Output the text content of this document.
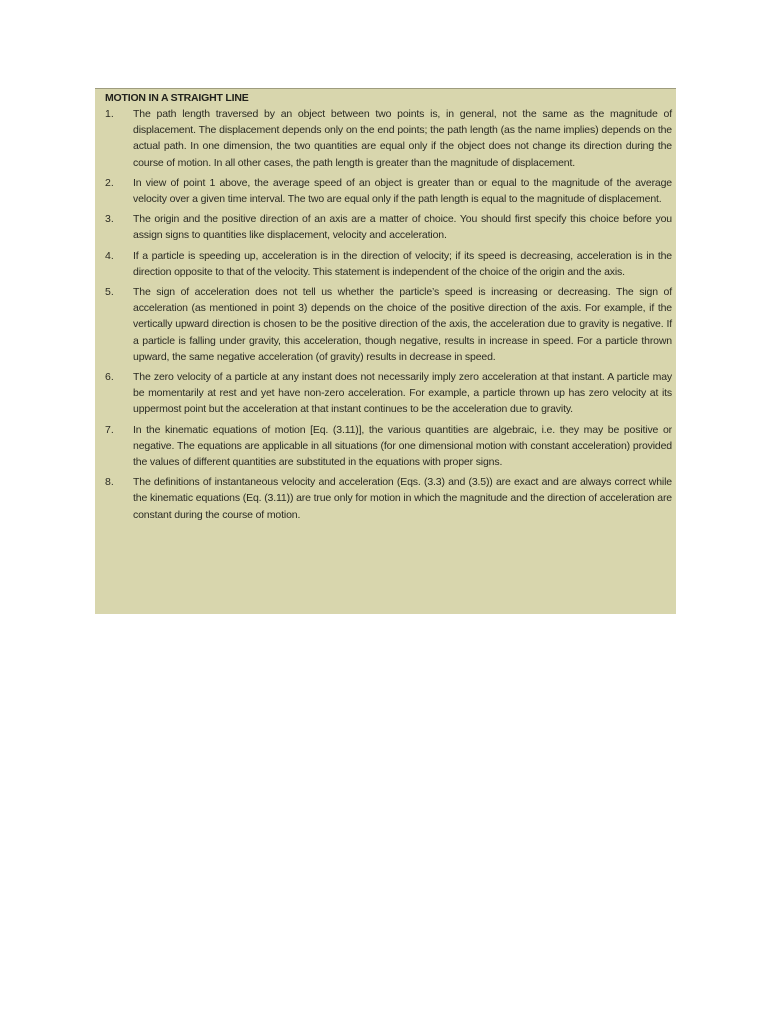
MOTION IN A STRAIGHT LINE
1.	The path length traversed by an object between two points is, in general, not the same as the magnitude of displacement. The displacement depends only on the end points; the path length (as the name implies) depends on the actual path. In one dimension, the two quantities are equal only if the object does not change its direction during the course of motion. In all other cases, the path length is greater than the magnitude of displacement.
2.	In view of point 1 above, the average speed of an object is greater than or equal to the magnitude of the average velocity over a given time interval. The two are equal only if the path length is equal to the magnitude of displacement.
3.	The origin and the positive direction of an axis are a matter of choice. You should first specify this choice before you assign signs to quantities like displacement, velocity and acceleration.
4.	If a particle is speeding up, acceleration is in the direction of velocity; if its speed is decreasing, acceleration is in the direction opposite to that of the velocity. This statement is independent of the choice of the origin and the axis.
5.	The sign of acceleration does not tell us whether the particle’s speed is increasing or decreasing. The sign of acceleration (as mentioned in point 3) depends on the choice of the positive direction of the axis. For example, if the vertically upward direction is chosen to be the positive direction of the axis, the acceleration due to gravity is negative. If a particle is falling under gravity, this acceleration, though negative, results in increase in speed. For a particle thrown upward, the same negative acceleration (of gravity) results in decrease in speed.
6.	The zero velocity of a particle at any instant does not necessarily imply zero acceleration at that instant. A particle may be momentarily at rest and yet have non-zero acceleration. For example, a particle thrown up has zero velocity at its uppermost point but the acceleration at that instant continues to be the acceleration due to gravity.
7.	In the kinematic equations of motion [Eq. (3.11)], the various quantities are algebraic, i.e. they may be positive or negative. The equations are applicable in all situations (for one dimensional motion with constant acceleration) provided the values of different quantities are substituted in the equations with proper signs.
8.	The definitions of instantaneous velocity and acceleration (Eqs. (3.3) and (3.5)) are exact and are always correct while the kinematic equations (Eq. (3.11)) are true only for motion in which the magnitude and the direction of acceleration are constant during the course of motion.
